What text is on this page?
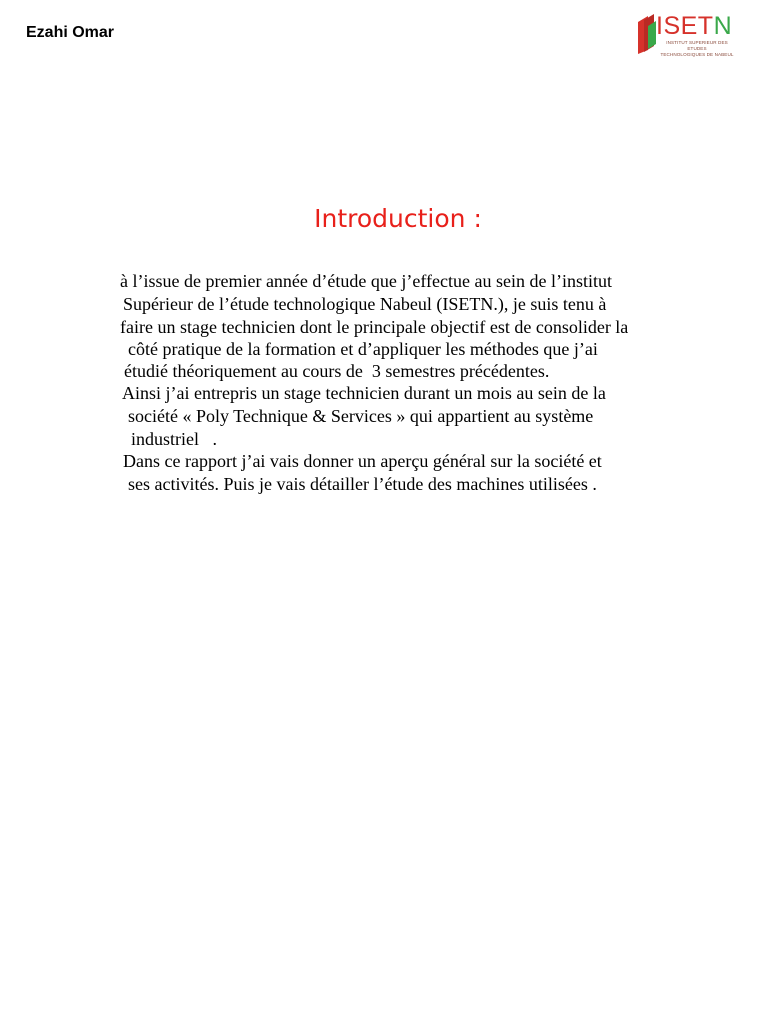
Ezahi Omar	ISETN
INSTITUT SUPERIEUR DES ETUDES
TECHNOLOGIQUES DE NABEUL
Introduction :
à l’issue de premier année d’étude que j’effectue au sein de l’institut
Supérieur de l’étude technologique Nabeul (ISETN.), je suis tenu à
faire un stage technicien dont le principale objectif est de consolider la
côté pratique de la formation et d’appliquer les méthodes que j’ai
étudié théoriquement au cours de  3 semestres précédentes.
Ainsi j’ai entrepris un stage technicien durant un mois au sein de la
société « Poly Technique & Services » qui appartient au système
industriel   .
Dans ce rapport j’ai vais donner un aperçu général sur la société et
ses activités. Puis je vais détailler l’étude des machines utilisées .
